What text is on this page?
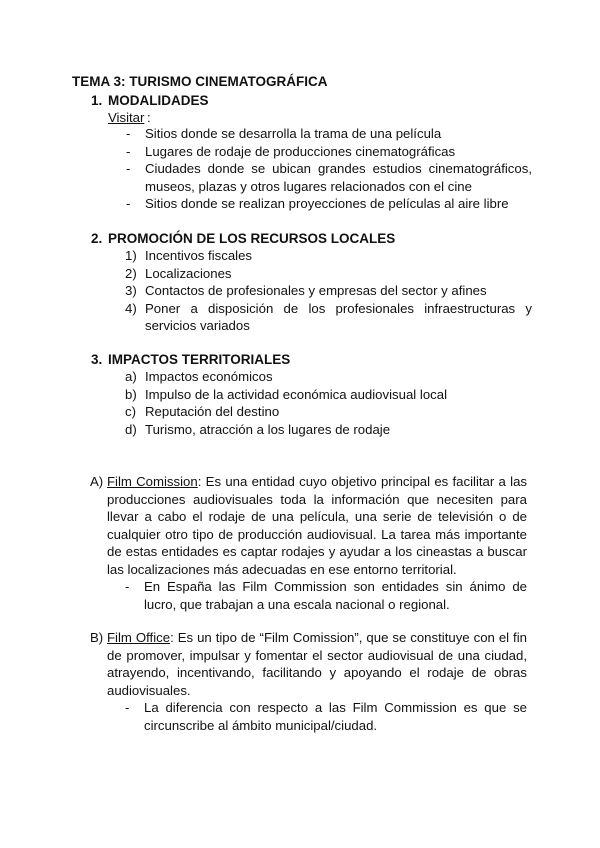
TEMA 3: TURISMO CINEMATOGRÁFICA
1. MODALIDADES
Visitar :
- Sitios donde se desarrolla la trama de una película
- Lugares de rodaje de producciones cinematográficas
- Ciudades donde se ubican grandes estudios cinematográficos, museos, plazas y otros lugares relacionados con el cine
- Sitios donde se realizan proyecciones de películas al aire libre
2. PROMOCIÓN DE LOS RECURSOS LOCALES
1) Incentivos fiscales
2) Localizaciones
3) Contactos de profesionales y empresas del sector y afines
4) Poner a disposición de los profesionales infraestructuras y servicios variados
3. IMPACTOS TERRITORIALES
a) Impactos económicos
b) Impulso de la actividad económica audiovisual local
c) Reputación del destino
d) Turismo, atracción a los lugares de rodaje
A) Film Comission: Es una entidad cuyo objetivo principal es facilitar a las producciones audiovisuales toda la información que necesiten para llevar a cabo el rodaje de una película, una serie de televisión o de cualquier otro tipo de producción audiovisual. La tarea más importante de estas entidades es captar rodajes y ayudar a los cineastas a buscar las localizaciones más adecuadas en ese entorno territorial.
- En España las Film Commission son entidades sin ánimo de lucro, que trabajan a una escala nacional o regional.
B) Film Office: Es un tipo de “Film Comission”, que se constituye con el fin de promover, impulsar y fomentar el sector audiovisual de una ciudad, atrayendo, incentivando, facilitando y apoyando el rodaje de obras audiovisuales.
- La diferencia con respecto a las Film Commission es que se circunscribe al ámbito municipal/ciudad.
